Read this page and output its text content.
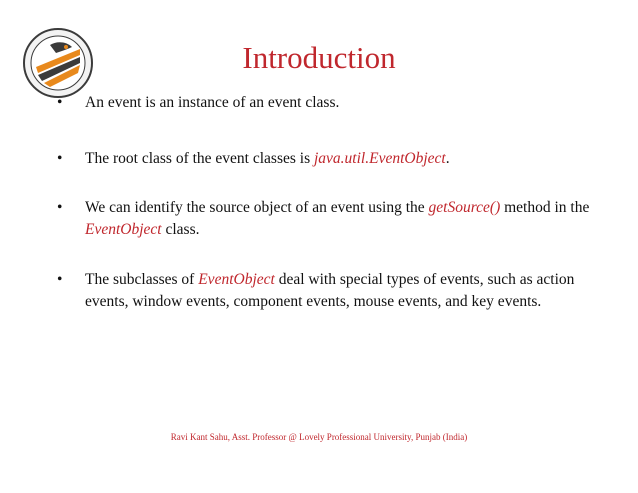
Introduction
•	An event is an instance of an event class.
•	The root class of the event classes is java.util.EventObject.
•	We can identify the source object of an event using the getSource() method in the EventObject class.
•	The subclasses of EventObject deal with special types of events, such as action events, window events, component events, mouse events, and key events.

Ravi Kant Sahu, Asst. Professor @ Lovely Professional University, Punjab (India)
